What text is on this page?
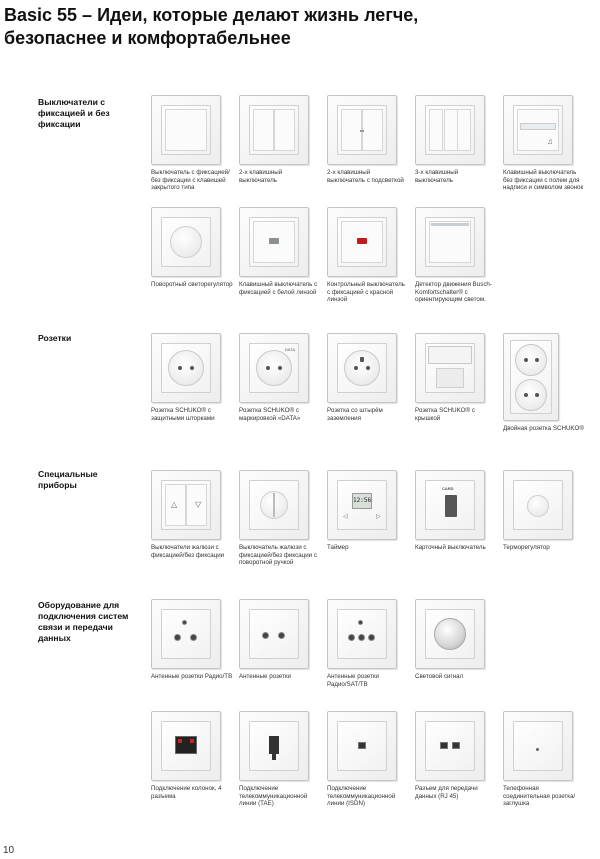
Basic 55 – Идеи, которые делают жизнь легче, безопаснее и комфортабельнее
Выключатели с фиксацией и без фиксации
Розетки
Специальные приборы
Оборудование для подключения систем связи и передачи данных
Выключатель с фиксацией/без фиксации с клавишей закрытого типа
2-х клавишный выключатель
2-х клавишный выключатель с подсветкой
3-х клавишный выключатель
♫
Клавишный выключатель без фиксации с полем для надписи и символом звонок
Поворотный светорегулятор Клавишный выключатель с фиксацией с белой линзой
Контрольный выключатель с фиксацией с красной линзой
Детектор движения Busch-Komfortschalter® с ориентирующим светом.
Розетка SCHUKO® с защитными шторками
DATA
Розетка SCHUKO® с маркировкой «DATA»
Розетка со штырём заземления
Розетка SCHUKO® с крышкой
Двойная розетка SCHUKO®
△ ▽
Выключатели жалюзи с фиксацией/без фиксации
Выключатель жалюзи с фиксацией/без фиксации с поворотной ручкой
12:56
◁	▷
Таймер
CARD
Карточный выключатель	Терморегулятор
Антенные розетки Радио/ТВ Антенные розетки	Антенные розетки Радио/SAT/ТВ
Световой сигнал
Подключение колонок, 4 разъема
Подключение телекоммуникационной линии (TAE)
Подключение телекоммуникационной линии (ISDN)
Разъем для передачи данных (RJ 45)
Телефонная соединительная розетка/заглушка
10
